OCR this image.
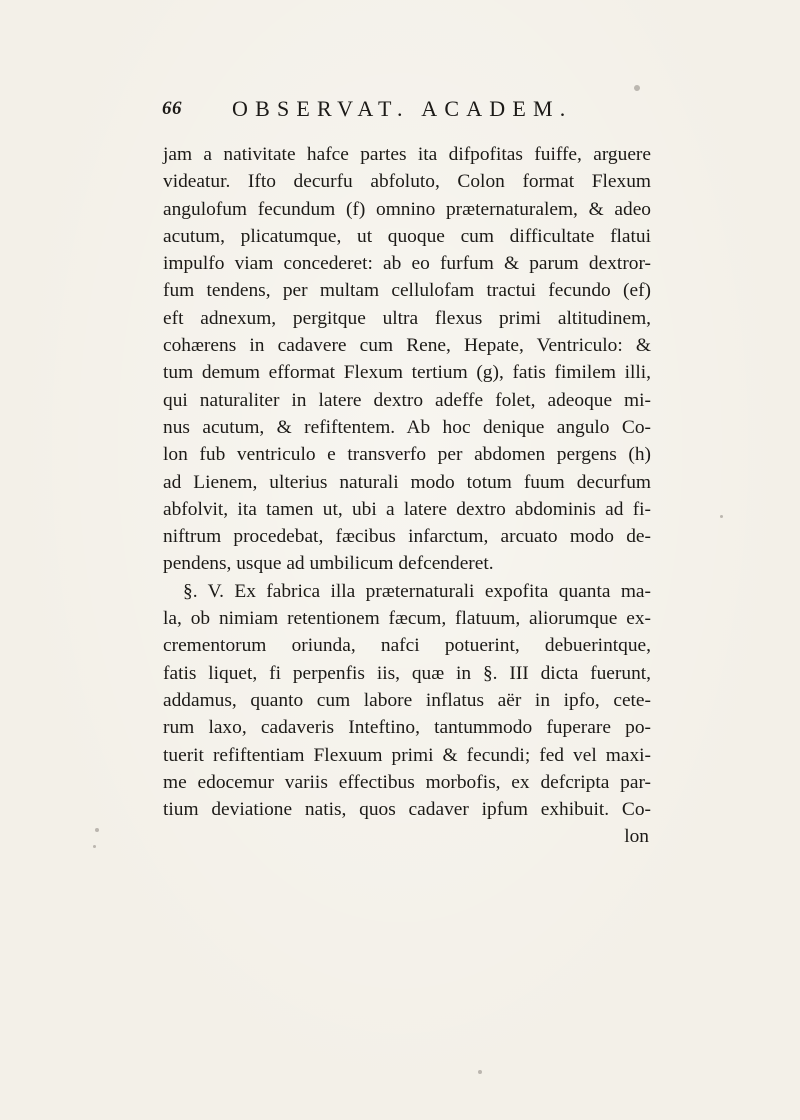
66 OBSERVAT. ACADEM.
jam a nativitate hafce partes ita difpofitas fuiffe, arguere
videatur. Ifto decurfu abfoluto, Colon format Flexum
angulofum fecundum (f) omnino præternaturalem, & adeo
acutum, plicatumque, ut quoque cum difficultate flatui
impulfo viam concederet: ab eo furfum & parum dextror-
fum tendens, per multam cellulofam tractui fecundo (ef)
eft adnexum, pergitque ultra flexus primi altitudinem,
cohærens in cadavere cum Rene, Hepate, Ventriculo: &
tum demum efformat Flexum tertium (g), fatis fimilem illi,
qui naturaliter in latere dextro adeffe folet, adeoque mi-
nus acutum, & refiftentem. Ab hoc denique angulo Co-
lon fub ventriculo e transverfo per abdomen pergens (h)
ad Lienem, ulterius naturali modo totum fuum decurfum
abfolvit, ita tamen ut, ubi a latere dextro abdominis ad fi-
niftrum procedebat, fæcibus infarctum, arcuato modo de-
pendens, usque ad umbilicum defcenderet.
§. V. Ex fabrica illa præternaturali expofita quanta ma-
la, ob nimiam retentionem fæcum, flatuum, aliorumque ex-
crementorum oriunda, nafci potuerint, debuerintque,
fatis liquet, fi perpenfis iis, quæ in §. III dicta fuerunt,
addamus, quanto cum labore inflatus aër in ipfo, cete-
rum laxo, cadaveris Inteftino, tantummodo fuperare po-
tuerit refiftentiam Flexuum primi & fecundi; fed vel maxi-
me edocemur variis effectibus morbofis, ex defcripta par-
tium deviatione natis, quos cadaver ipfum exhibuit. Co-
lon
